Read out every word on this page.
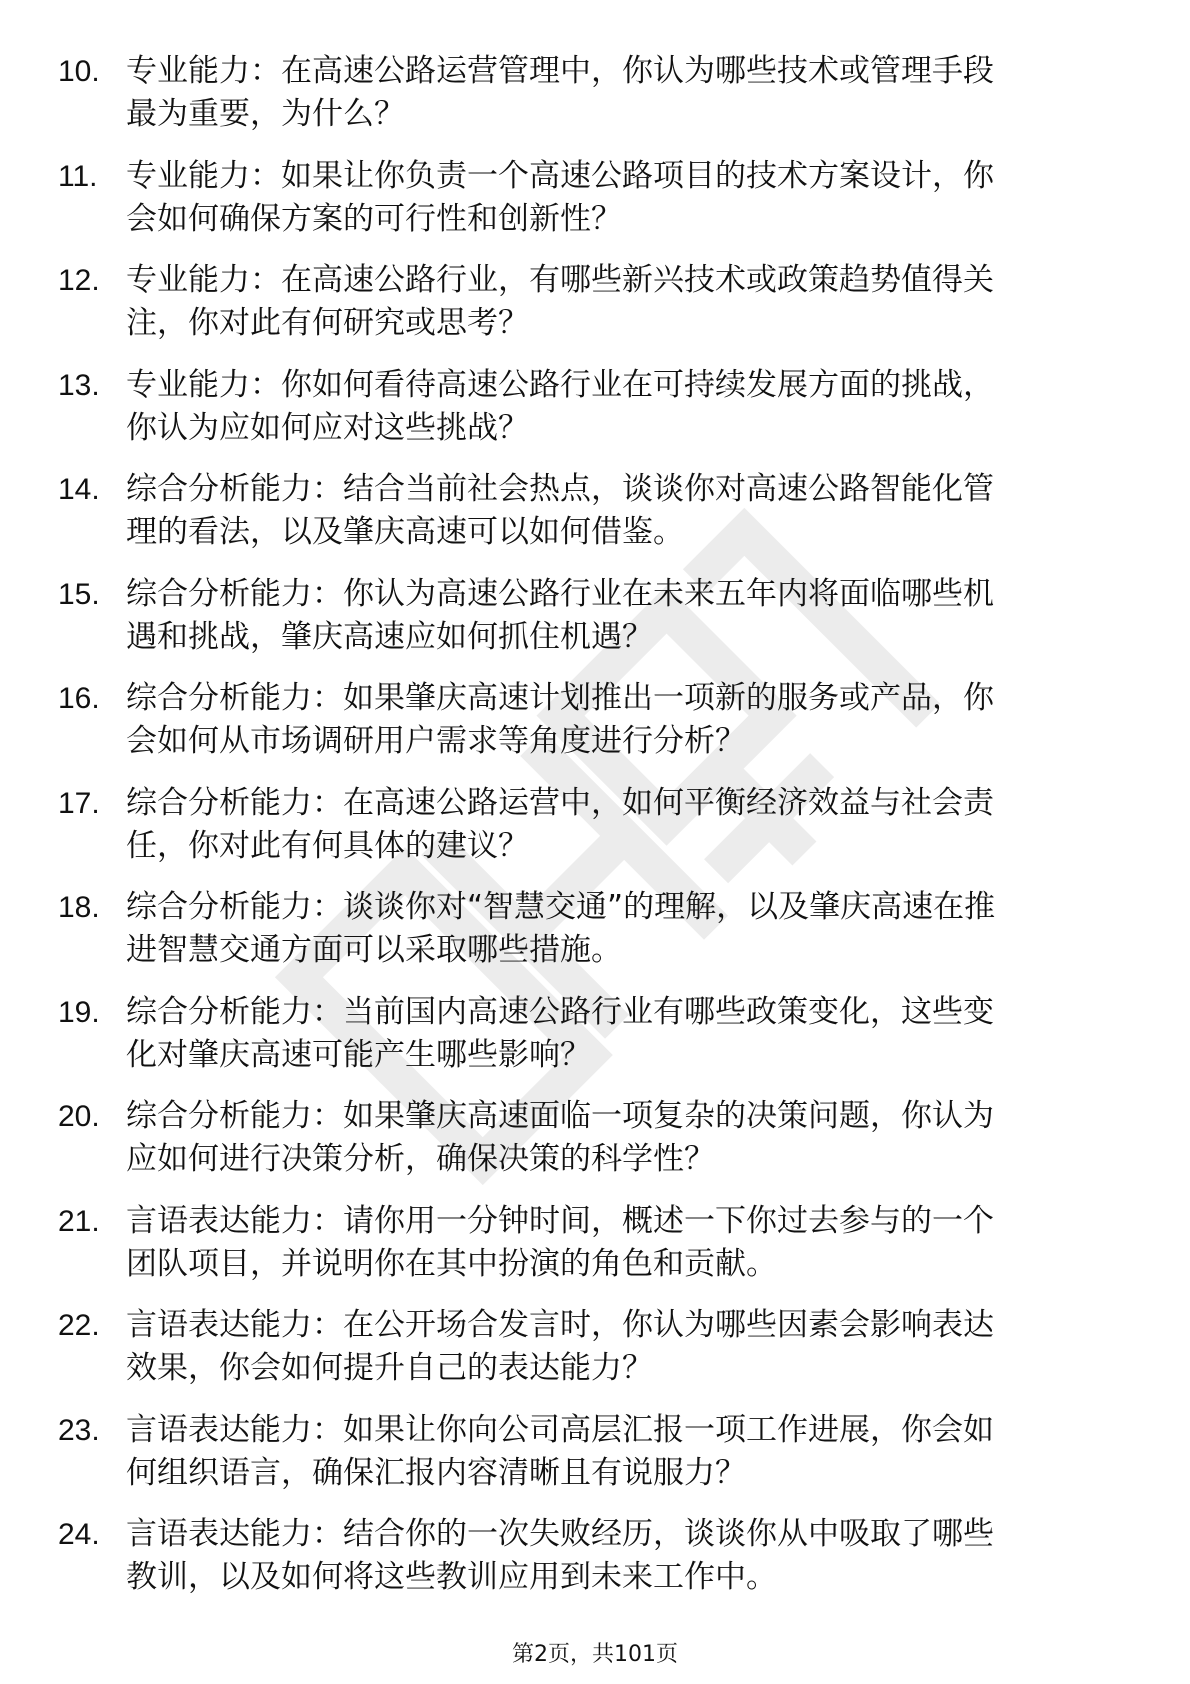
10. 专业能力：在高速公路运营管理中，你认为哪些技术或管理手段
最为重要，为什么？
11. 专业能力：如果让你负责一个高速公路项目的技术方案设计，你
会如何确保方案的可行性和创新性？
12. 专业能力：在高速公路行业，有哪些新兴技术或政策趋势值得关
注，你对此有何研究或思考？
13. 专业能力：你如何看待高速公路行业在可持续发展方面的挑战，
你认为应如何应对这些挑战？
14. 综合分析能力：结合当前社会热点，谈谈你对高速公路智能化管
理的看法，以及肇庆高速可以如何借鉴。
15. 综合分析能力：你认为高速公路行业在未来五年内将面临哪些机
遇和挑战，肇庆高速应如何抓住机遇？
16. 综合分析能力：如果肇庆高速计划推出一项新的服务或产品，你
会如何从市场调研用户需求等角度进行分析？
17. 综合分析能力：在高速公路运营中，如何平衡经济效益与社会责
任，你对此有何具体的建议？
18. 综合分析能力：谈谈你对“智慧交通”的理解，以及肇庆高速在推
进智慧交通方面可以采取哪些措施。
19. 综合分析能力：当前国内高速公路行业有哪些政策变化，这些变
化对肇庆高速可能产生哪些影响？
20. 综合分析能力：如果肇庆高速面临一项复杂的决策问题，你认为
应如何进行决策分析，确保决策的科学性？
21. 言语表达能力：请你用一分钟时间，概述一下你过去参与的一个
团队项目，并说明你在其中扮演的角色和贡献。
22. 言语表达能力：在公开场合发言时，你认为哪些因素会影响表达
效果，你会如何提升自己的表达能力？
23. 言语表达能力：如果让你向公司高层汇报一项工作进展，你会如
何组织语言，确保汇报内容清晰且有说服力？
24. 言语表达能力：结合你的一次失败经历，谈谈你从中吸取了哪些
教训，以及如何将这些教训应用到未来工作中。
第2页，共101页
